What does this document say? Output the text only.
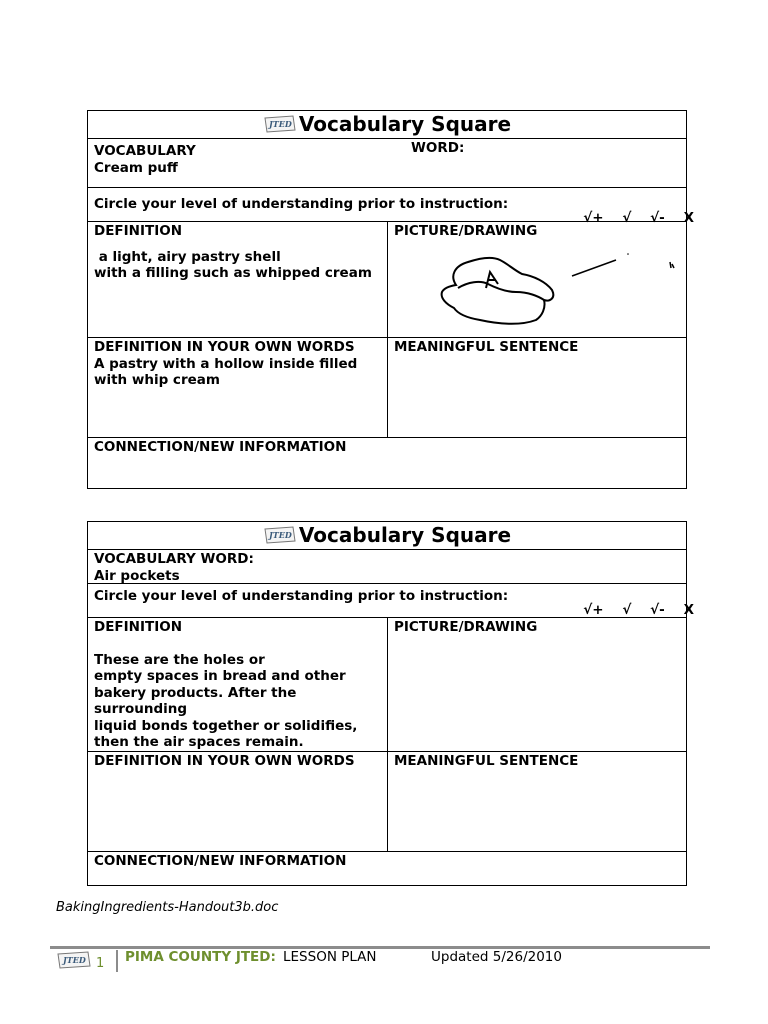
JTED Vocabulary Square
VOCABULARY	WORD:
Cream puff
Circle your level of understanding prior to instruction:

√+ √ √- X

DEFINITION
a light, airy pastry shell
with a filling such as whipped cream
PICTURE/DRAWING
DEFINITION IN YOUR OWN WORDS
A pastry with a hollow inside filled
with whip cream
MEANINGFUL SENTENCE
CONNECTION/NEW INFORMATION
JTED Vocabulary Square
VOCABULARY WORD:
Air pockets
Circle your level of understanding prior to instruction:

√+ √ √- X

DEFINITION
These are the holes or
empty spaces in bread and other
bakery products. After the
surrounding
liquid bonds together or solidifies,
then the air spaces remain.
PICTURE/DRAWING
DEFINITION IN YOUR OWN WORDS	MEANINGFUL SENTENCE
CONNECTION/NEW INFORMATION
BakingIngredients-Handout3b.doc
JTED 1 PIMA COUNTY JTED: LESSON PLAN	Updated 5/26/2010
